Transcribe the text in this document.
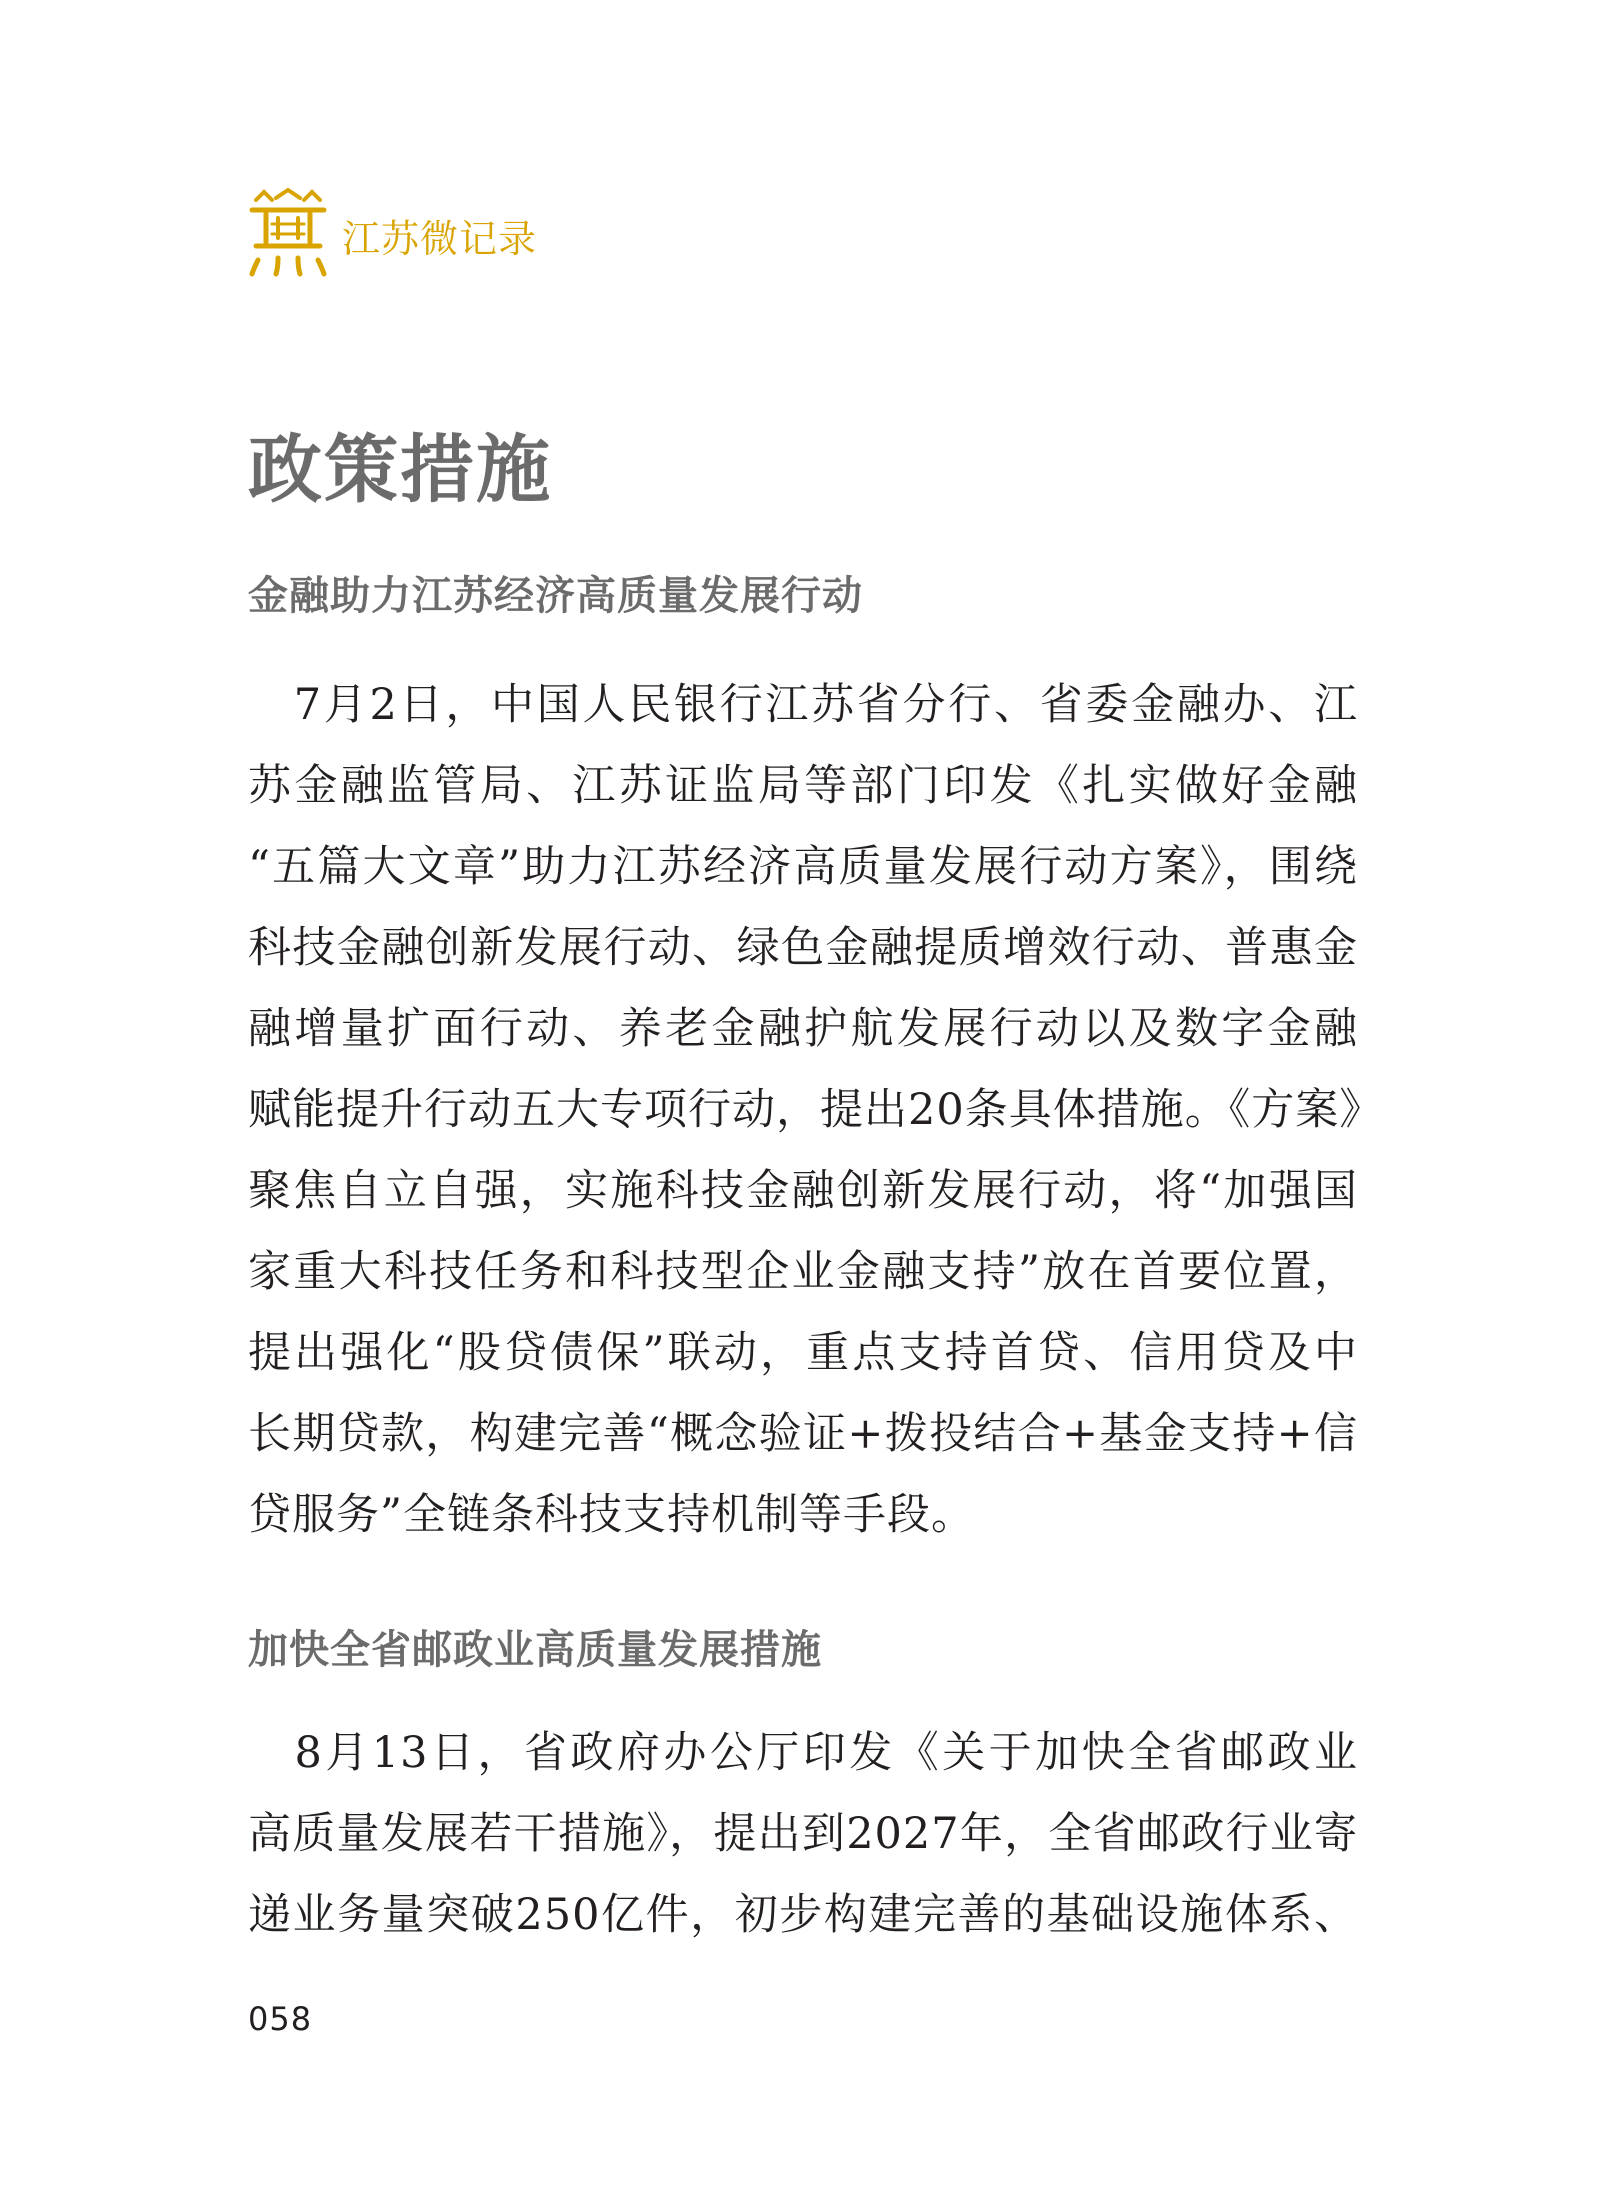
江苏微记录
政策措施
金融助力江苏经济高质量发展行动
　7月2日，中国人民银行江苏省分行、省委金融办、江
苏金融监管局、江苏证监局等部门印发《扎实做好金融
“五篇大文章”助力江苏经济高质量发展行动方案》，围绕
科技金融创新发展行动、绿色金融提质增效行动、普惠金
融增量扩面行动、养老金融护航发展行动以及数字金融
赋能提升行动五大专项行动，提出20条具体措施。《方案》
聚焦自立自强，实施科技金融创新发展行动，将“加强国
家重大科技任务和科技型企业金融支持”放在首要位置，
提出强化“股贷债保”联动，重点支持首贷、信用贷及中
长期贷款，构建完善“概念验证+拨投结合+基金支持+信
贷服务”全链条科技支持机制等手段。
加快全省邮政业高质量发展措施
　8月13日，省政府办公厅印发《关于加快全省邮政业
高质量发展若干措施》，提出到2027年，全省邮政行业寄
递业务量突破250亿件，初步构建完善的基础设施体系、
058
